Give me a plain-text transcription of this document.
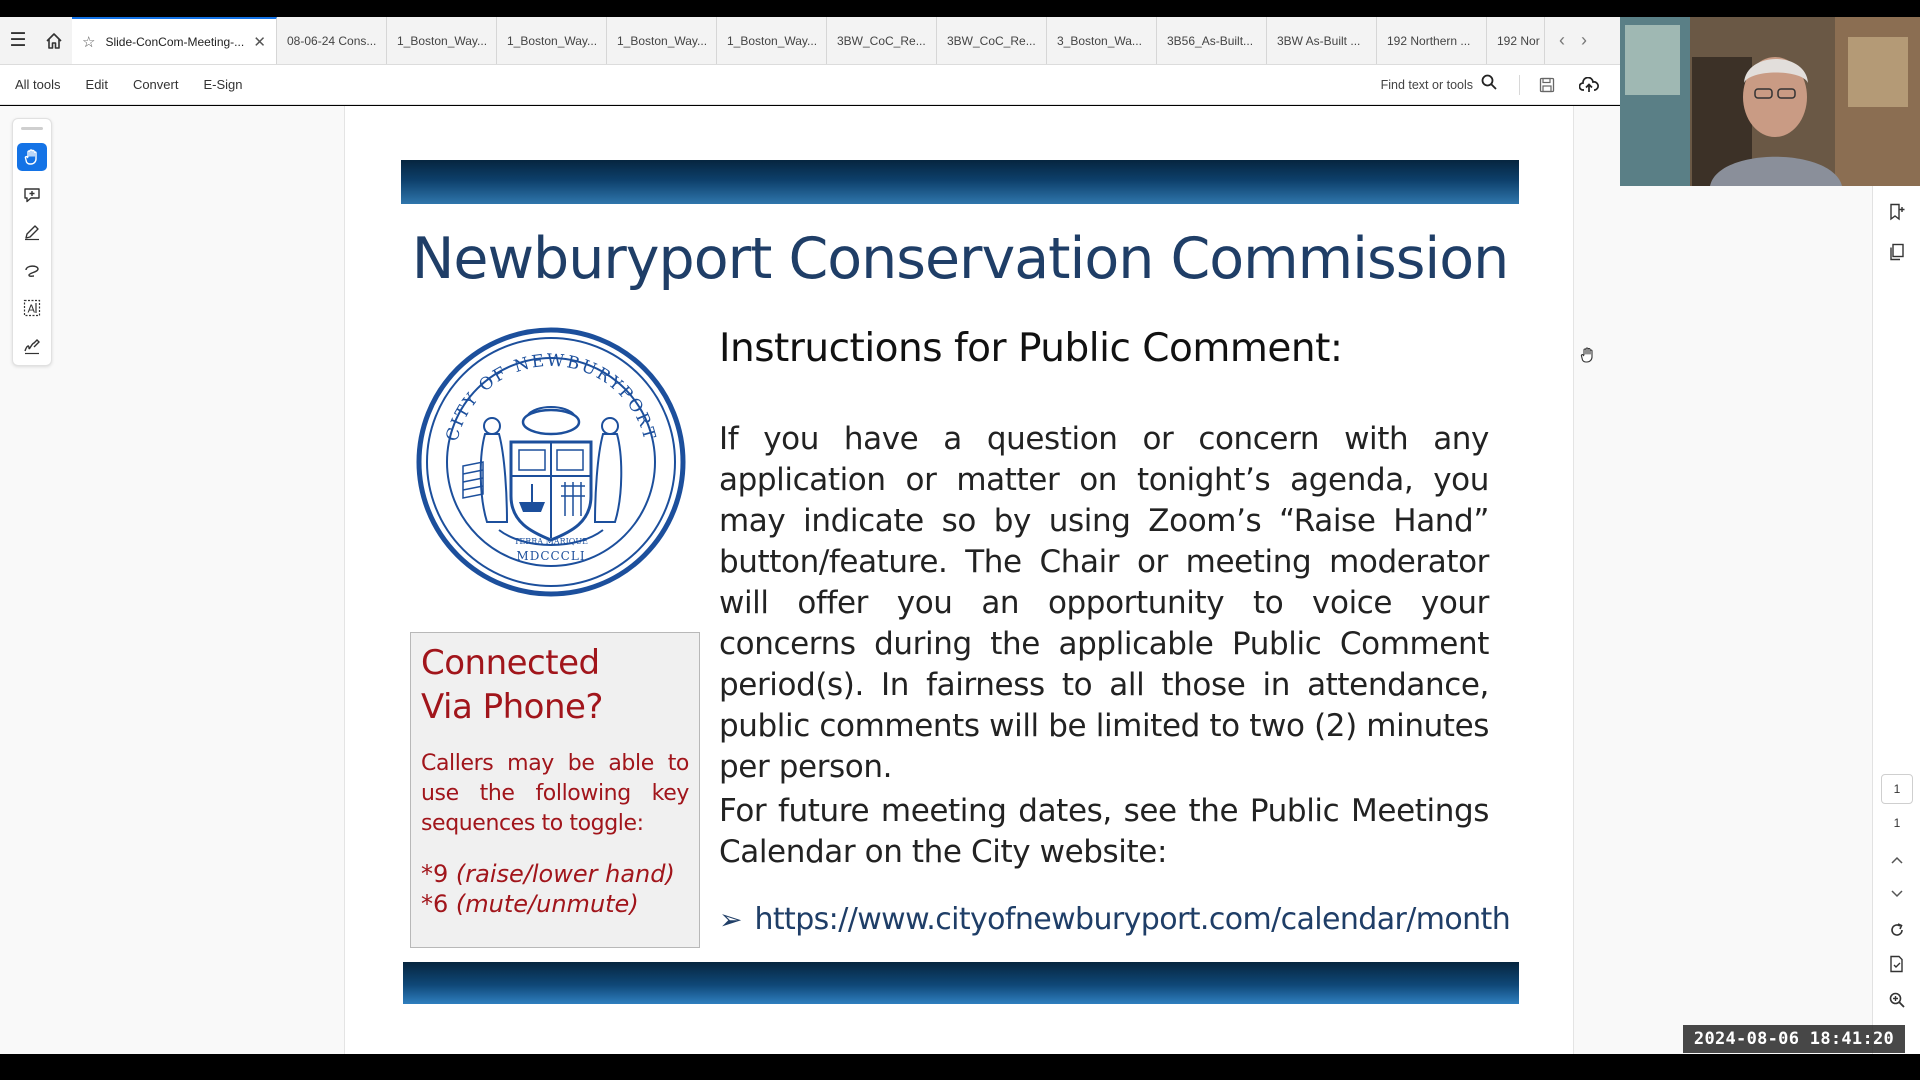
☰	☆ Slide-ConCom-Meeting-... ✕	08-06-24 Cons...	1_Boston_Way...	1_Boston_Way...	1_Boston_Way...	1_Boston_Way...	3BW_CoC_Re...	3BW_CoC_Re...	3_Boston_Wa...	3B56_As-Built...	3BW As-Built ...	192 Northern ...	192 Nor ‹ ›
All tools Edit Convert E-Sign	Find text or tools
A
Newburyport Conservation Commission
CITY OF NEWBURYPORT
TERRA MARIQUE
MDCCCLI
Instructions for Public Comment:
If you have a question or concern with any application or matter on tonight’s agenda, you may indicate so by using Zoom’s “Raise Hand” button/feature. The Chair or meeting moderator will offer you an opportunity to voice your concerns during the applicable Public Comment period(s). In fairness to all those in attendance, public comments will be limited to two (2) minutes per person.
For future meeting dates, see the Public Meetings Calendar on the City website:
➢ https://www.cityofnewburyport.com/calendar/month
Connected
Via Phone?
Callers may be able to use the following key sequences to toggle:
*9 (raise/lower hand)
*6 (mute/unmute)
1
1
2024-08-06 18:41:20
